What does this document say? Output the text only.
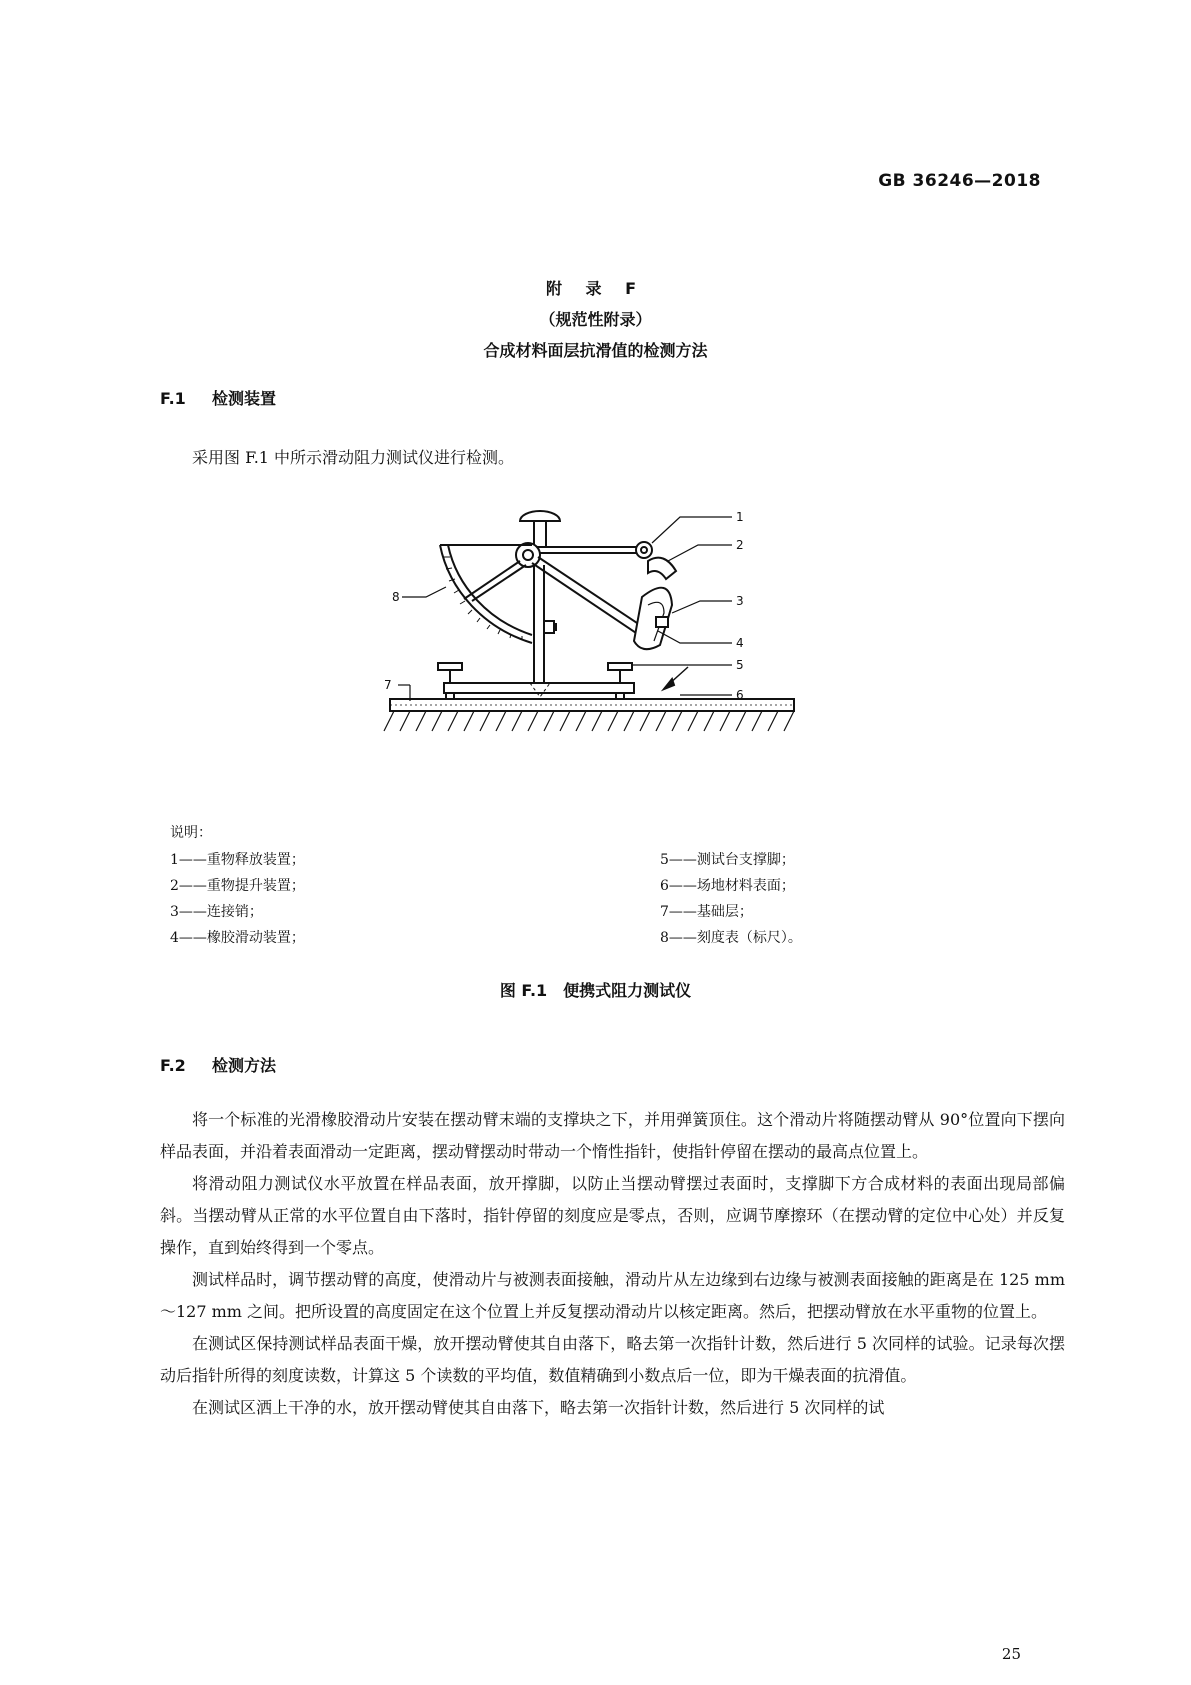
GB 36246—2018
附 录 F
（规范性附录）
合成材料面层抗滑值的检测方法
F.1 检测装置
采用图 F.1 中所示滑动阻力测试仪进行检测。
1
2
3
4
5
6
7
8
说明：
1——重物释放装置；
2——重物提升装置；
3——连接销；
4——橡胶滑动装置；
5——测试台支撑脚；
6——场地材料表面；
7——基础层；
8——刻度表（标尺）。
图 F.1　便携式阻力测试仪
F.2 检测方法

将一个标准的光滑橡胶滑动片安装在摆动臂末端的支撑块之下，并用弹簧顶住。这个滑动片将随摆动臂从 90°位置向下摆向样品表面，并沿着表面滑动一定距离，摆动臂摆动时带动一个惰性指针，使指针停留在摆动的最高点位置上。

将滑动阻力测试仪水平放置在样品表面，放开撑脚，以防止当摆动臂摆过表面时，支撑脚下方合成材料的表面出现局部偏斜。当摆动臂从正常的水平位置自由下落时，指针停留的刻度应是零点，否则，应调节摩擦环（在摆动臂的定位中心处）并反复操作，直到始终得到一个零点。

测试样品时，调节摆动臂的高度，使滑动片与被测表面接触，滑动片从左边缘到右边缘与被测表面接触的距离是在 125 mm～127 mm 之间。把所设置的高度固定在这个位置上并反复摆动滑动片以核定距离。然后，把摆动臂放在水平重物的位置上。

在测试区保持测试样品表面干燥，放开摆动臂使其自由落下，略去第一次指针计数，然后进行 5 次同样的试验。记录每次摆动后指针所得的刻度读数，计算这 5 个读数的平均值，数值精确到小数点后一位，即为干燥表面的抗滑值。

在测试区洒上干净的水，放开摆动臂使其自由落下，略去第一次指针计数，然后进行 5 次同样的试

25
